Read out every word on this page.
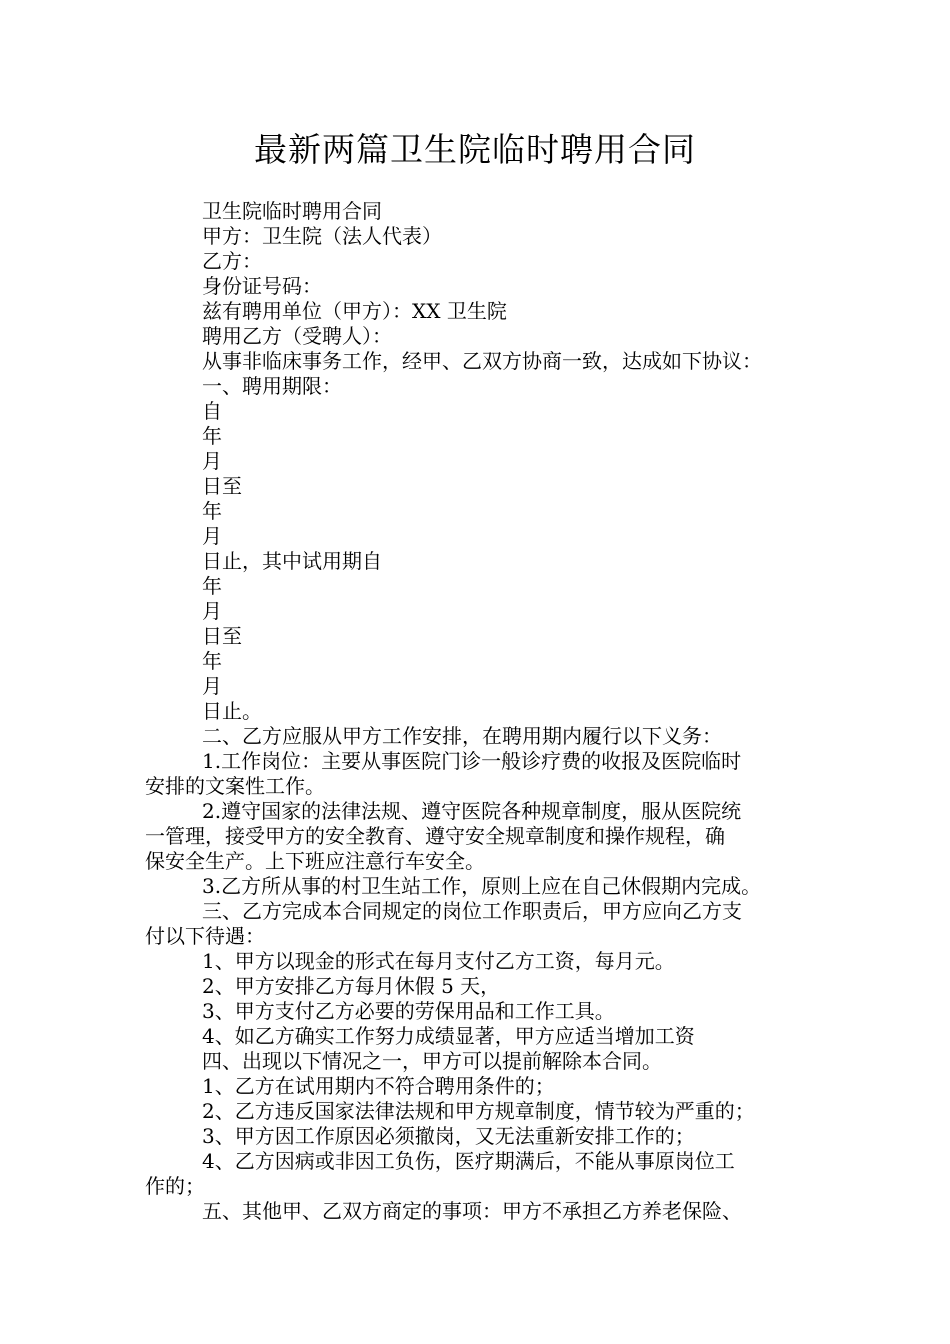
最新两篇卫生院临时聘用合同
卫生院临时聘用合同
甲方：卫生院（法人代表）
乙方：
身份证号码：
兹有聘用单位（甲方）：XX 卫生院
聘用乙方（受聘人）：
从事非临床事务工作，经甲、乙双方协商一致，达成如下协议：
一、聘用期限：
自
年
月
日至
年
月
日止，其中试用期自
年
月
日至
年
月
日止。
二、乙方应服从甲方工作安排，在聘用期内履行以下义务：
1.工作岗位：主要从事医院门诊一般诊疗费的收报及医院临时
安排的文案性工作。
2.遵守国家的法律法规、遵守医院各种规章制度，服从医院统
一管理，接受甲方的安全教育、遵守安全规章制度和操作规程，确
保安全生产。上下班应注意行车安全。
3.乙方所从事的村卫生站工作，原则上应在自己休假期内完成。
三、乙方完成本合同规定的岗位工作职责后，甲方应向乙方支
付以下待遇：
1、甲方以现金的形式在每月支付乙方工资，每月元。
2、甲方安排乙方每月休假 5 天，
3、甲方支付乙方必要的劳保用品和工作工具。
4、如乙方确实工作努力成绩显著，甲方应适当增加工资
四、出现以下情况之一，甲方可以提前解除本合同。
1、乙方在试用期内不符合聘用条件的；
2、乙方违反国家法律法规和甲方规章制度，情节较为严重的；
3、甲方因工作原因必须撤岗，又无法重新安排工作的；
4、乙方因病或非因工负伤，医疗期满后，不能从事原岗位工
作的；
五、其他甲、乙双方商定的事项：甲方不承担乙方养老保险、
